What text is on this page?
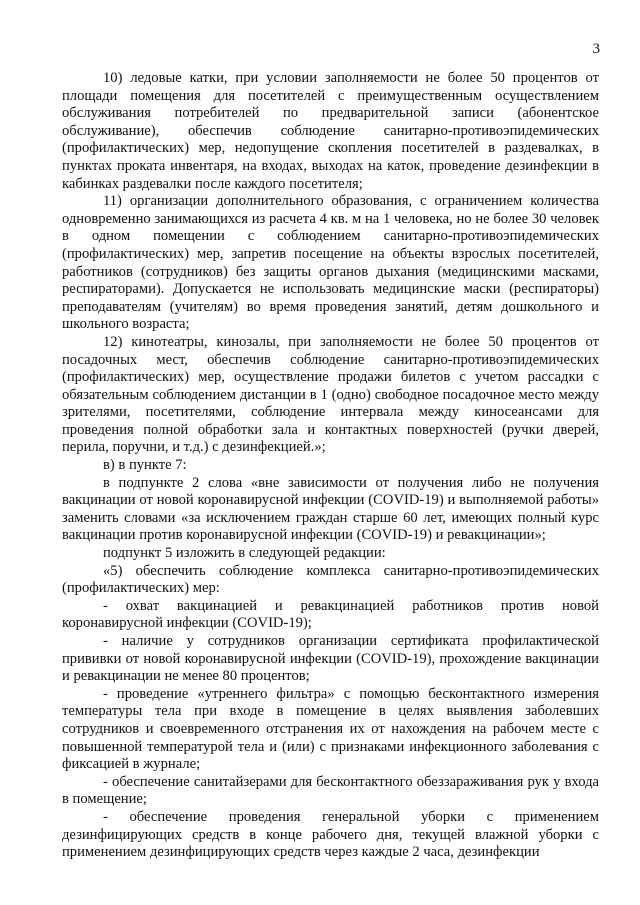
3

10) ледовые катки, при условии заполняемости не более 50 процентов от площади помещения для посетителей с преимущественным осуществлением обслуживания потребителей по предварительной записи (абонентское обслуживание), обеспечив соблюдение санитарно-противоэпидемических (профилактических) мер, недопущение скопления посетителей в раздевалках, в пунктах проката инвентаря, на входах, выходах на каток, проведение дезинфекции в кабинках раздевалки после каждого посетителя;

11) организации дополнительного образования, с ограничением количества одновременно занимающихся из расчета 4 кв. м на 1 человека, но не более 30 человек в одном помещении с соблюдением санитарно-противоэпидемических (профилактических) мер, запретив посещение на объекты взрослых посетителей, работников (сотрудников) без защиты органов дыхания (медицинскими масками, респираторами). Допускается не использовать медицинские маски (респираторы) преподавателям (учителям) во время проведения занятий, детям дошкольного и школьного возраста;

12) кинотеатры, кинозалы, при заполняемости не более 50 процентов от посадочных мест, обеспечив соблюдение санитарно-противоэпидемических (профилактических) мер, осуществление продажи билетов с учетом рассадки с обязательным соблюдением дистанции в 1 (одно) свободное посадочное место между зрителями, посетителями, соблюдение интервала между киносеансами для проведения полной обработки зала и контактных поверхностей (ручки дверей, перила, поручни, и т.д.) с дезинфекцией.»;

в) в пункте 7:

в подпункте 2 слова «вне зависимости от получения либо не получения вакцинации от новой коронавирусной инфекции (COVID-19) и выполняемой работы» заменить словами «за исключением граждан старше 60 лет, имеющих полный курс вакцинации против коронавирусной инфекции (COVID-19) и ревакцинации»;

подпункт 5 изложить в следующей редакции:

«5) обеспечить соблюдение комплекса санитарно-противоэпидемических (профилактических) мер:

- охват вакцинацией и ревакцинацией работников против новой коронавирусной инфекции (COVID-19);

- наличие у сотрудников организации сертификата профилактической прививки от новой коронавирусной инфекции (COVID-19), прохождение вакцинации и ревакцинации не менее 80 процентов;

- проведение «утреннего фильтра» с помощью бесконтактного измерения температуры тела при входе в помещение в целях выявления заболевших сотрудников и своевременного отстранения их от нахождения на рабочем месте с повышенной температурой тела и (или) с признаками инфекционного заболевания с фиксацией в журнале;

- обеспечение санитайзерами для бесконтактного обеззараживания рук у входа в помещение;

- обеспечение проведения генеральной уборки с применением дезинфицирующих средств в конце рабочего дня, текущей влажной уборки с применением дезинфицирующих средств через каждые 2 часа, дезинфекции
